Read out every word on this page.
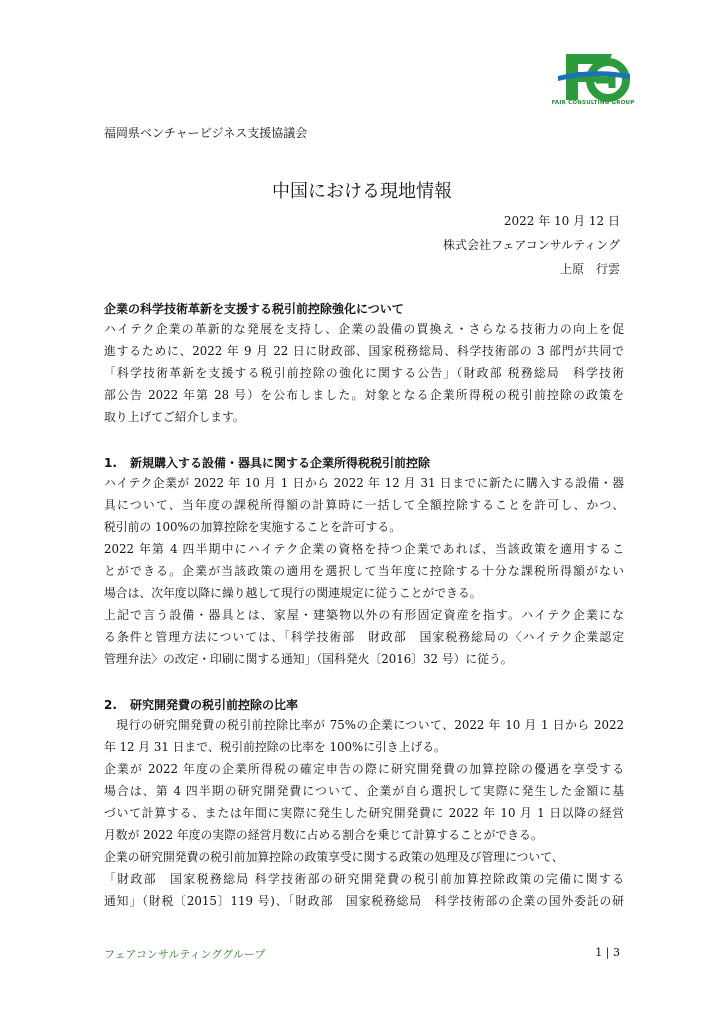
FAIR CONSULTING GROUP
福岡県ベンチャービジネス支援協議会
中国における現地情報
2022 年 10 月 12 日
株式会社フェアコンサルティング
上原　行雲
企業の科学技術革新を支援する税引前控除強化について
ハイテク企業の革新的な発展を支持し、企業の設備の買換え・さらなる技術力の向上を促
進するために、2022 年 9 月 22 日に財政部、国家税務総局、科学技術部の 3 部門が共同で
「科学技術革新を支援する税引前控除の強化に関する公告」（財政部 税務総局　科学技術
部公告 2022 年第 28 号）を公布しました。対象となる企業所得税の税引前控除の政策を
取り上げてご紹介します。
1. 新規購入する設備・器具に関する企業所得税税引前控除
ハイテク企業が 2022 年 10 月 1 日から 2022 年 12 月 31 日までに新たに購入する設備・器
具について、当年度の課税所得額の計算時に一括して全額控除することを許可し、かつ、
税引前の 100%の加算控除を実施することを許可する。
2022 年第 4 四半期中にハイテク企業の資格を持つ企業であれば、当該政策を適用するこ
とができる。企業が当該政策の適用を選択して当年度に控除する十分な課税所得額がない
場合は、次年度以降に繰り越して現行の関連規定に従うことができる。
上記で言う設備・器具とは、家屋・建築物以外の有形固定資産を指す。ハイテク企業にな
る条件と管理方法については、｢科学技術部　財政部　国家税務総局の〈ハイテク企業認定
管理弁法〉の改定・印刷に関する通知」（国科発火〔2016〕32 号）に従う。
2. 研究開発費の税引前控除の比率
　現行の研究開発費の税引前控除比率が 75%の企業について、2022 年 10 月 1 日から 2022
年 12 月 31 日まで、税引前控除の比率を 100%に引き上げる。
企業が 2022 年度の企業所得税の確定申告の際に研究開発費の加算控除の優遇を享受する
場合は、第 4 四半期の研究開発費について、企業が自ら選択して実際に発生した金額に基
づいて計算する、または年間に実際に発生した研究開発費に 2022 年 10 月 1 日以降の経営
月数が 2022 年度の実際の経営月数に占める割合を乗じて計算することができる。
企業の研究開発費の税引前加算控除の政策享受に関する政策の処理及び管理について、
「財政部　国家税務総局 科学技術部の研究開発費の税引前加算控除政策の完備に関する
通知」（財税〔2015〕119 号)、「財政部　国家税務総局　科学技術部の企業の国外委託の研
フェアコンサルティンググループ	1 | 3
